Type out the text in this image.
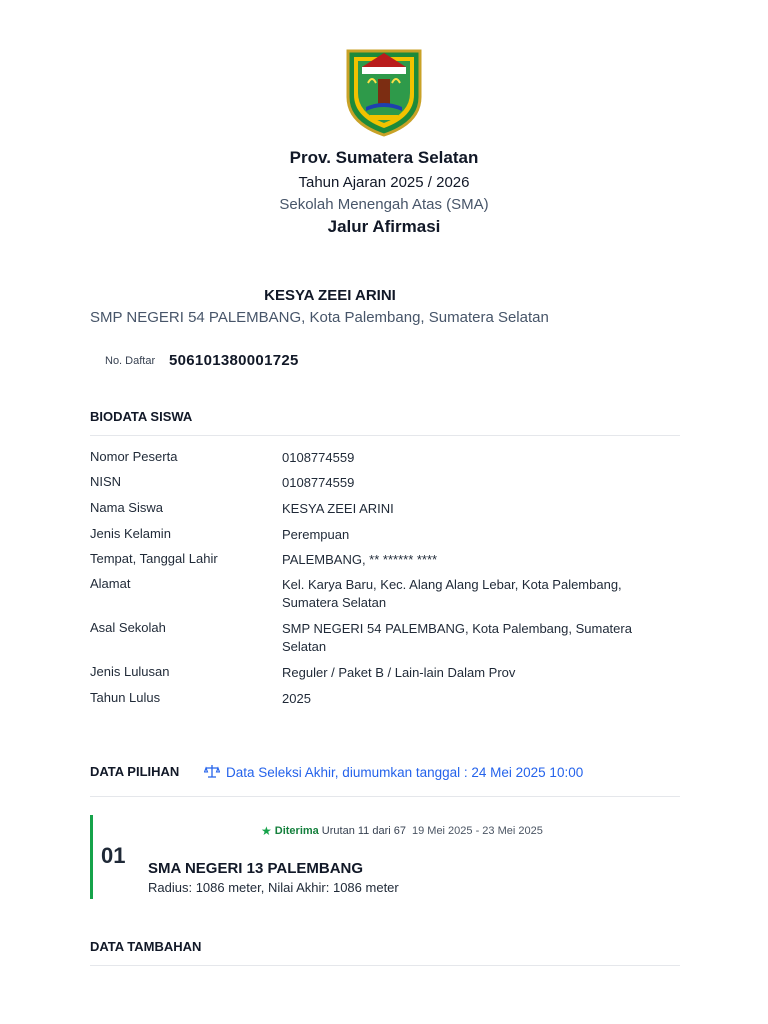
Prov. Sumatera Selatan
Tahun Ajaran 2025 / 2026
Sekolah Menengah Atas (SMA)
Jalur Afirmasi
KESYA ZEEI ARINI
SMP NEGERI 54 PALEMBANG, Kota Palembang, Sumatera Selatan
No. Daftar 506101380001725
BIODATA SISWA
Nomor Peserta	0108774559
NISN	0108774559
Nama Siswa	KESYA ZEEI ARINI
Jenis Kelamin	Perempuan
Tempat, Tanggal Lahir	PALEMBANG, ** ****** ****
Alamat	Kel. Karya Baru, Kec. Alang Alang Lebar, Kota Palembang, Sumatera Selatan
Asal Sekolah	SMP NEGERI 54 PALEMBANG, Kota Palembang, Sumatera Selatan
Jenis Lulusan	Reguler / Paket B / Lain-lain Dalam Prov
Tahun Lulus	2025
DATA PILIHAN	Data Seleksi Akhir, diumumkan tanggal : 24 Mei 2025 10:00
01
★ Diterima Urutan 11 dari 67 19 Mei 2025 - 23 Mei 2025
SMA NEGERI 13 PALEMBANG
Radius: 1086 meter, Nilai Akhir: 1086 meter
DATA TAMBAHAN
